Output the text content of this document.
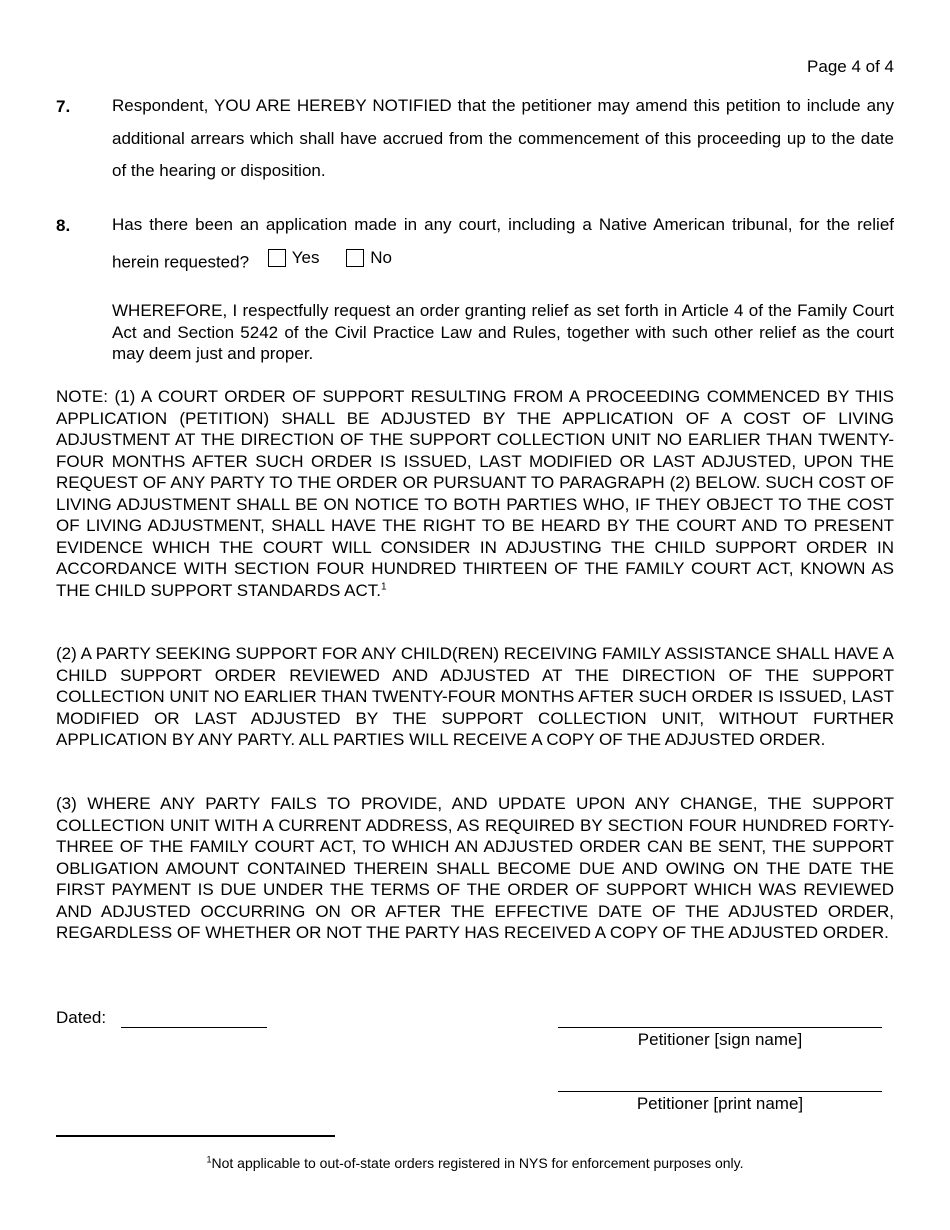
Page 4 of 4
7. Respondent, YOU ARE HEREBY NOTIFIED that the petitioner may amend this petition to include any additional arrears which shall have accrued from the commencement of this proceeding up to the date of the hearing or disposition.
8. Has there been an application made in any court, including a Native American tribunal, for the relief herein requested?	Yes
	No
WHEREFORE, I respectfully request an order granting relief as set forth in Article 4 of the Family Court Act and Section 5242 of the Civil Practice Law and Rules, together with such other relief as the court may deem just and proper.
NOTE: (1) A COURT ORDER OF SUPPORT RESULTING FROM A PROCEEDING COMMENCED BY THIS APPLICATION (PETITION) SHALL BE ADJUSTED BY THE APPLICATION OF A COST OF LIVING ADJUSTMENT AT THE DIRECTION OF THE SUPPORT COLLECTION UNIT NO EARLIER THAN TWENTY-FOUR MONTHS AFTER SUCH ORDER IS ISSUED, LAST MODIFIED OR LAST ADJUSTED, UPON THE REQUEST OF ANY PARTY TO THE ORDER OR PURSUANT TO PARAGRAPH (2) BELOW. SUCH COST OF LIVING ADJUSTMENT SHALL BE ON NOTICE TO BOTH PARTIES WHO, IF THEY OBJECT TO THE COST OF LIVING ADJUSTMENT, SHALL HAVE THE RIGHT TO BE HEARD BY THE COURT AND TO PRESENT EVIDENCE WHICH THE COURT WILL CONSIDER IN ADJUSTING THE CHILD SUPPORT ORDER IN ACCORDANCE WITH SECTION FOUR HUNDRED THIRTEEN OF THE FAMILY COURT ACT, KNOWN AS THE CHILD SUPPORT STANDARDS ACT.$^1$
(2) A PARTY SEEKING SUPPORT FOR ANY CHILD(REN) RECEIVING FAMILY ASSISTANCE SHALL HAVE A CHILD SUPPORT ORDER REVIEWED AND ADJUSTED AT THE DIRECTION OF THE SUPPORT COLLECTION UNIT NO EARLIER THAN TWENTY-FOUR MONTHS AFTER SUCH ORDER IS ISSUED, LAST MODIFIED OR LAST ADJUSTED BY THE SUPPORT COLLECTION UNIT, WITHOUT FURTHER APPLICATION BY ANY PARTY. ALL PARTIES WILL RECEIVE A COPY OF THE ADJUSTED ORDER.
(3) WHERE ANY PARTY FAILS TO PROVIDE, AND UPDATE UPON ANY CHANGE, THE SUPPORT COLLECTION UNIT WITH A CURRENT ADDRESS, AS REQUIRED BY SECTION FOUR HUNDRED FORTY-THREE OF THE FAMILY COURT ACT, TO WHICH AN ADJUSTED ORDER CAN BE SENT, THE SUPPORT OBLIGATION AMOUNT CONTAINED THEREIN SHALL BECOME DUE AND OWING ON THE DATE THE FIRST PAYMENT IS DUE UNDER THE TERMS OF THE ORDER OF SUPPORT WHICH WAS REVIEWED AND ADJUSTED OCCURRING ON OR AFTER THE EFFECTIVE DATE OF THE ADJUSTED ORDER, REGARDLESS OF WHETHER OR NOT THE PARTY HAS RECEIVED A COPY OF THE ADJUSTED ORDER.
Dated:
Petitioner [sign name]
Petitioner [print name]
$^1$Not applicable to out-of-state orders registered in NYS for enforcement purposes only.
